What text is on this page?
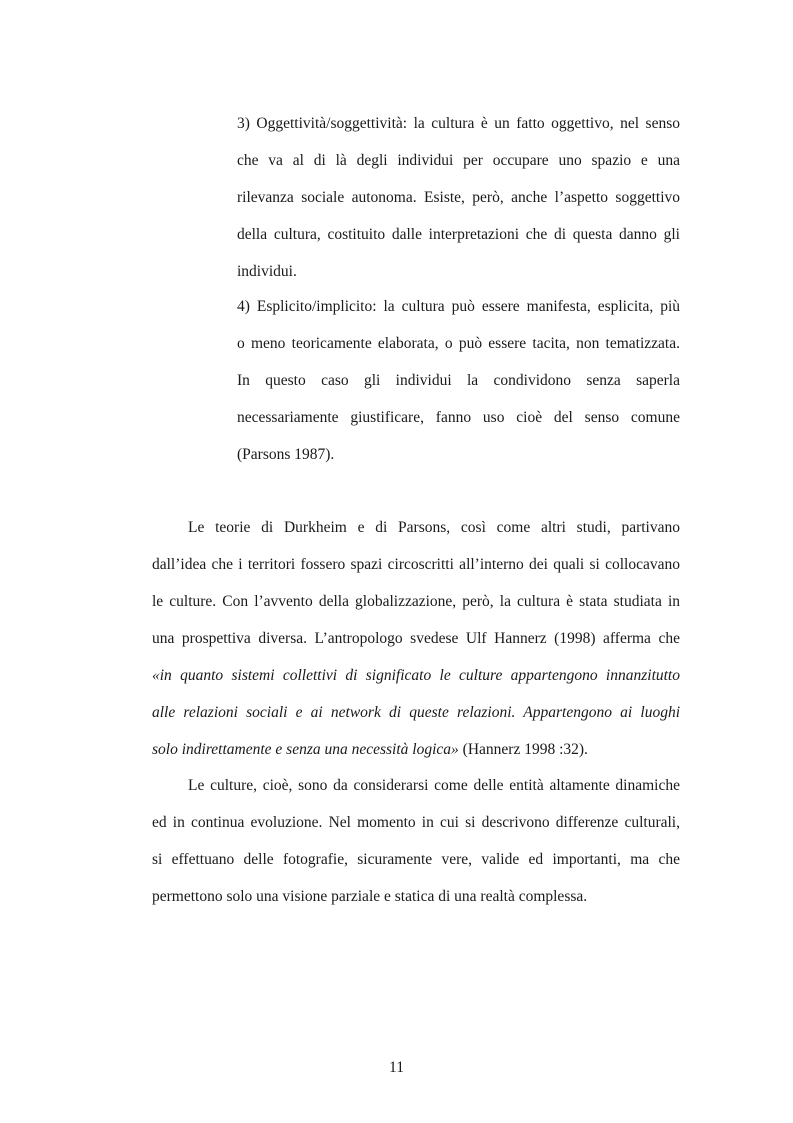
3) Oggettività/soggettività: la cultura è un fatto oggettivo, nel senso
che va al di là degli individui per occupare uno spazio e una
rilevanza sociale autonoma. Esiste, però, anche l’aspetto soggettivo
della cultura, costituito dalle interpretazioni che di questa danno gli
individui.
4) Esplicito/implicito: la cultura può essere manifesta, esplicita, più
o meno teoricamente elaborata, o può essere tacita, non tematizzata.
In questo caso gli individui la condividono senza saperla
necessariamente giustificare, fanno uso cioè del senso comune
(Parsons 1987).
Le teorie di Durkheim e di Parsons, così come altri studi, partivano
dall’idea che i territori fossero spazi circoscritti all’interno dei quali si collocavano
le culture. Con l’avvento della globalizzazione, però, la cultura è stata studiata in
una prospettiva diversa. L’antropologo svedese Ulf Hannerz (1998) afferma che
«in quanto sistemi collettivi di significato le culture appartengono innanzitutto
alle relazioni sociali e ai network di queste relazioni. Appartengono ai luoghi
solo indirettamente e senza una necessità logica» (Hannerz 1998 :32).
Le culture, cioè, sono da considerarsi come delle entità altamente dinamiche
ed in continua evoluzione. Nel momento in cui si descrivono differenze culturali,
si effettuano delle fotografie, sicuramente vere, valide ed importanti, ma che
permettono solo una visione parziale e statica di una realtà complessa.
11
